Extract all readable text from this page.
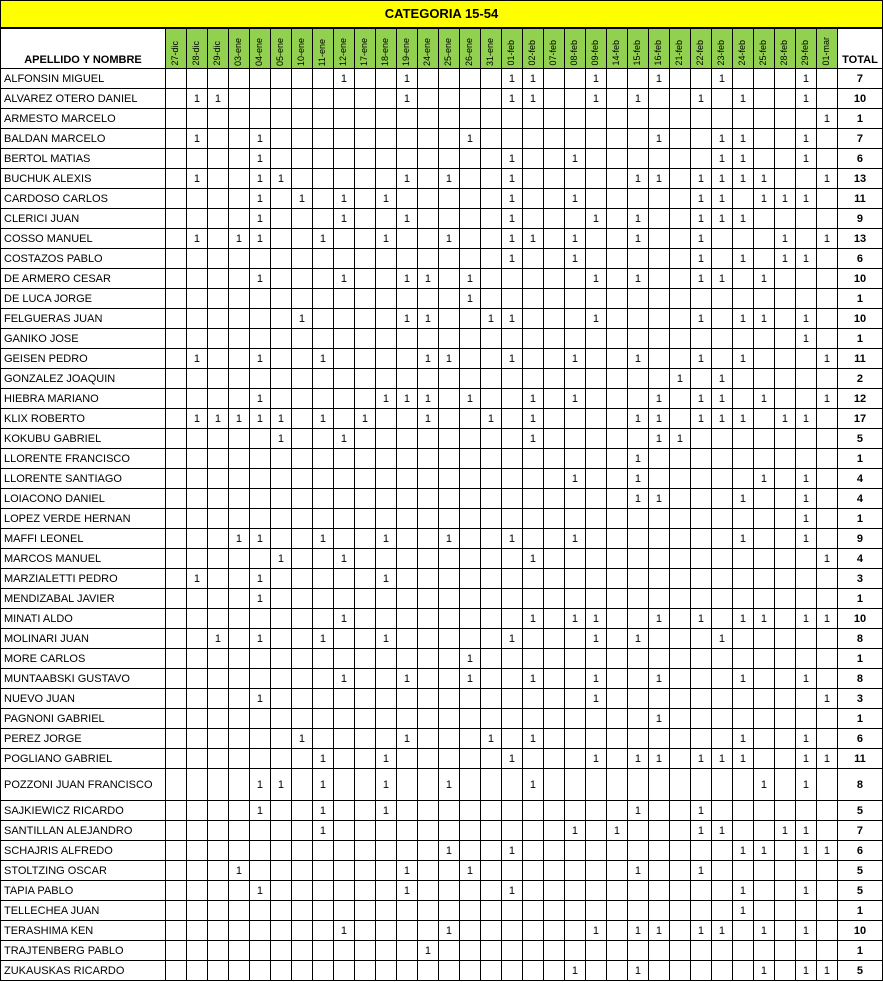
CATEGORIA 15-54
APELLIDO Y NOMBRE	27-dic	28-dic	29-dic	03-ene	04-ene	05-ene	10-ene	11-ene	12-ene	17-ene	18-ene	19-ene	24-ene	25-ene	26-ene	31-ene	01-feb	02-feb	07-feb	08-feb	09-feb	14-feb	15-feb	16-feb	21-feb	22-feb	23-feb	24-feb	25-feb	28-feb	29-feb	01-mar	TOTAL
ALFONSIN MIGUEL									1			1					1	1			1			1			1				1		7
ALVAREZ OTERO DANIEL		1	1									1					1	1			1		1			1		1			1		10
ARMESTO MARCELO																																1	1
BALDAN MARCELO		1			1										1									1			1	1			1		7
BERTOL MATIAS					1												1			1							1	1			1		6
BUCHUK ALEXIS		1			1	1						1		1			1						1	1		1	1	1	1			1	13
CARDOSO CARLOS					1		1		1		1						1			1						1	1		1	1	1		11
CLERICI JUAN					1				1			1					1				1		1			1	1	1					9
COSSO MANUEL		1		1	1			1			1			1			1	1		1			1			1				1		1	13
COSTAZOS PABLO																	1			1						1		1		1	1		6
DE ARMERO CESAR					1				1			1	1		1						1		1			1	1		1				10
DE LUCA JORGE															1																		1
FELGUERAS JUAN							1					1	1			1	1				1					1		1	1		1		10
GANIKO JOSE																															1		1
GEISEN PEDRO		1			1			1					1	1			1			1			1			1		1				1	11
GONZALEZ JOAQUIN																									1		1						2
HIEBRA MARIANO					1						1	1	1		1			1		1				1		1	1		1			1	12
KLIX ROBERTO		1	1	1	1	1		1		1			1			1		1					1	1		1	1	1		1	1		17
KOKUBU GABRIEL						1			1									1						1	1								5
LLORENTE FRANCISCO																							1										1
LLORENTE SANTIAGO																				1			1						1		1		4
LOIACONO DANIEL																							1	1				1			1		4
LOPEZ VERDE HERNAN																															1		1
MAFFI LEONEL				1	1			1			1			1			1			1								1			1		9
MARCOS MANUEL						1			1									1														1	4
MARZIALETTI PEDRO		1			1						1																						3
MENDIZABAL JAVIER					1																												1
MINATI ALDO									1									1		1	1			1		1		1	1		1	1	10
MOLINARI JUAN			1		1			1			1						1				1		1				1						8
MORE CARLOS															1																		1
MUNTAABSKI GUSTAVO									1			1			1			1			1			1				1			1		8
NUEVO JUAN					1																1											1	3
PAGNONI GABRIEL																								1									1
PEREZ JORGE							1					1				1		1										1			1		6
POGLIANO GABRIEL								1			1						1				1		1	1		1	1	1			1	1	11
POZZONI JUAN FRANCISCO					1	1		1			1			1				1											1		1		8
SAJKIEWICZ RICARDO					1			1			1												1			1							5
SANTILLAN ALEJANDRO								1												1		1				1	1			1	1		7
SCHAJRIS ALFREDO														1			1											1	1		1	1	6
STOLTZING OSCAR				1								1			1								1			1							5
TAPIA PABLO					1							1					1											1			1		5
TELLECHEA JUAN																												1					1
TERASHIMA KEN									1					1							1		1	1		1	1		1		1		10
TRAJTENBERG PABLO													1																				1
ZUKAUSKAS RICARDO																				1			1						1		1	1	5
